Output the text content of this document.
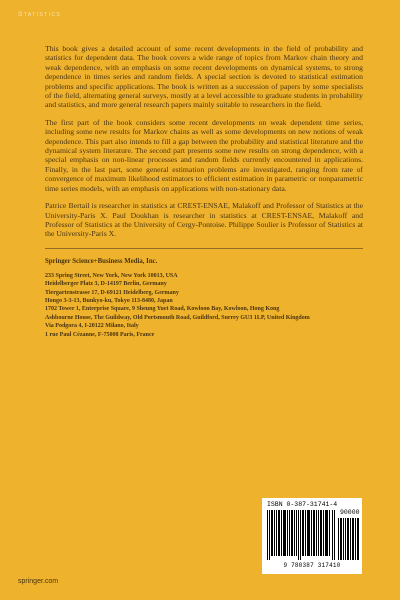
Statistics

This book gives a detailed account of some recent developments in the field of probability and statistics for dependent data. The book covers a wide range of topics from Markov chain theory and weak dependence, with an emphasis on some recent developments on dynamical systems, to strong dependence in times series and random fields. A special section is devoted to statistical estimation problems and specific applications. The book is written as a succession of papers by some specialists of the field, alternating general surveys, mostly at a level accessible to graduate students in probability and statistics, and more general research papers mainly suitable to researchers in the field.

The first part of the book considers some recent developments on weak dependent time series, including some new results for Markov chains as well as some developments on new notions of weak dependence. This part also intends to fill a gap between the probability and statistical literature and the dynamical system literature. The second part presents some new results on strong dependence, with a special emphasis on non-linear processes and random fields currently encountered in applications. Finally, in the last part, some general estimation problems are investigated, ranging from rate of convergence of maximum likelihood estimators to efficient estimation in parametric or nonparametric time series models, with an emphasis on applications with non-stationary data.

Patrice Bertail is researcher in statistics at CREST-ENSAE, Malakoff and Professor of Statistics at the University-Paris X. Paul Doukhan is researcher in statistics at CREST-ENSAE, Malakoff and Professor of Statistics at the University of Cergy-Pontoise. Philippe Soulier is Professor of Statistics at the University-Paris X.

Springer Science+Business Media, Inc.

233 Spring Street, New York, New York 10013, USA

Heidelberger Platz 3, D-14197 Berlin, Germany

Tiergartenstrasse 17, D-69121 Heidelberg, Germany

Hongo 3-3-13, Bunkyo-ku, Tokyo 113-8480, Japan

1702 Tower 1, Enterprise Square, 9 Sheung Yuet Road, Kowloon Bay, Kowloon, Hong Kong

Ashbourne House, The Guildway, Old Portsmouth Road, Guildford, Surrey GU3 1LP, United Kingdom

Via Podgora 4, I-20122 Milano, Italy

1 rue Paul Cézanne, F-75008 Paris, France

ISBN 0-387-31741-4
90000
9 780387 317410
springer.com
